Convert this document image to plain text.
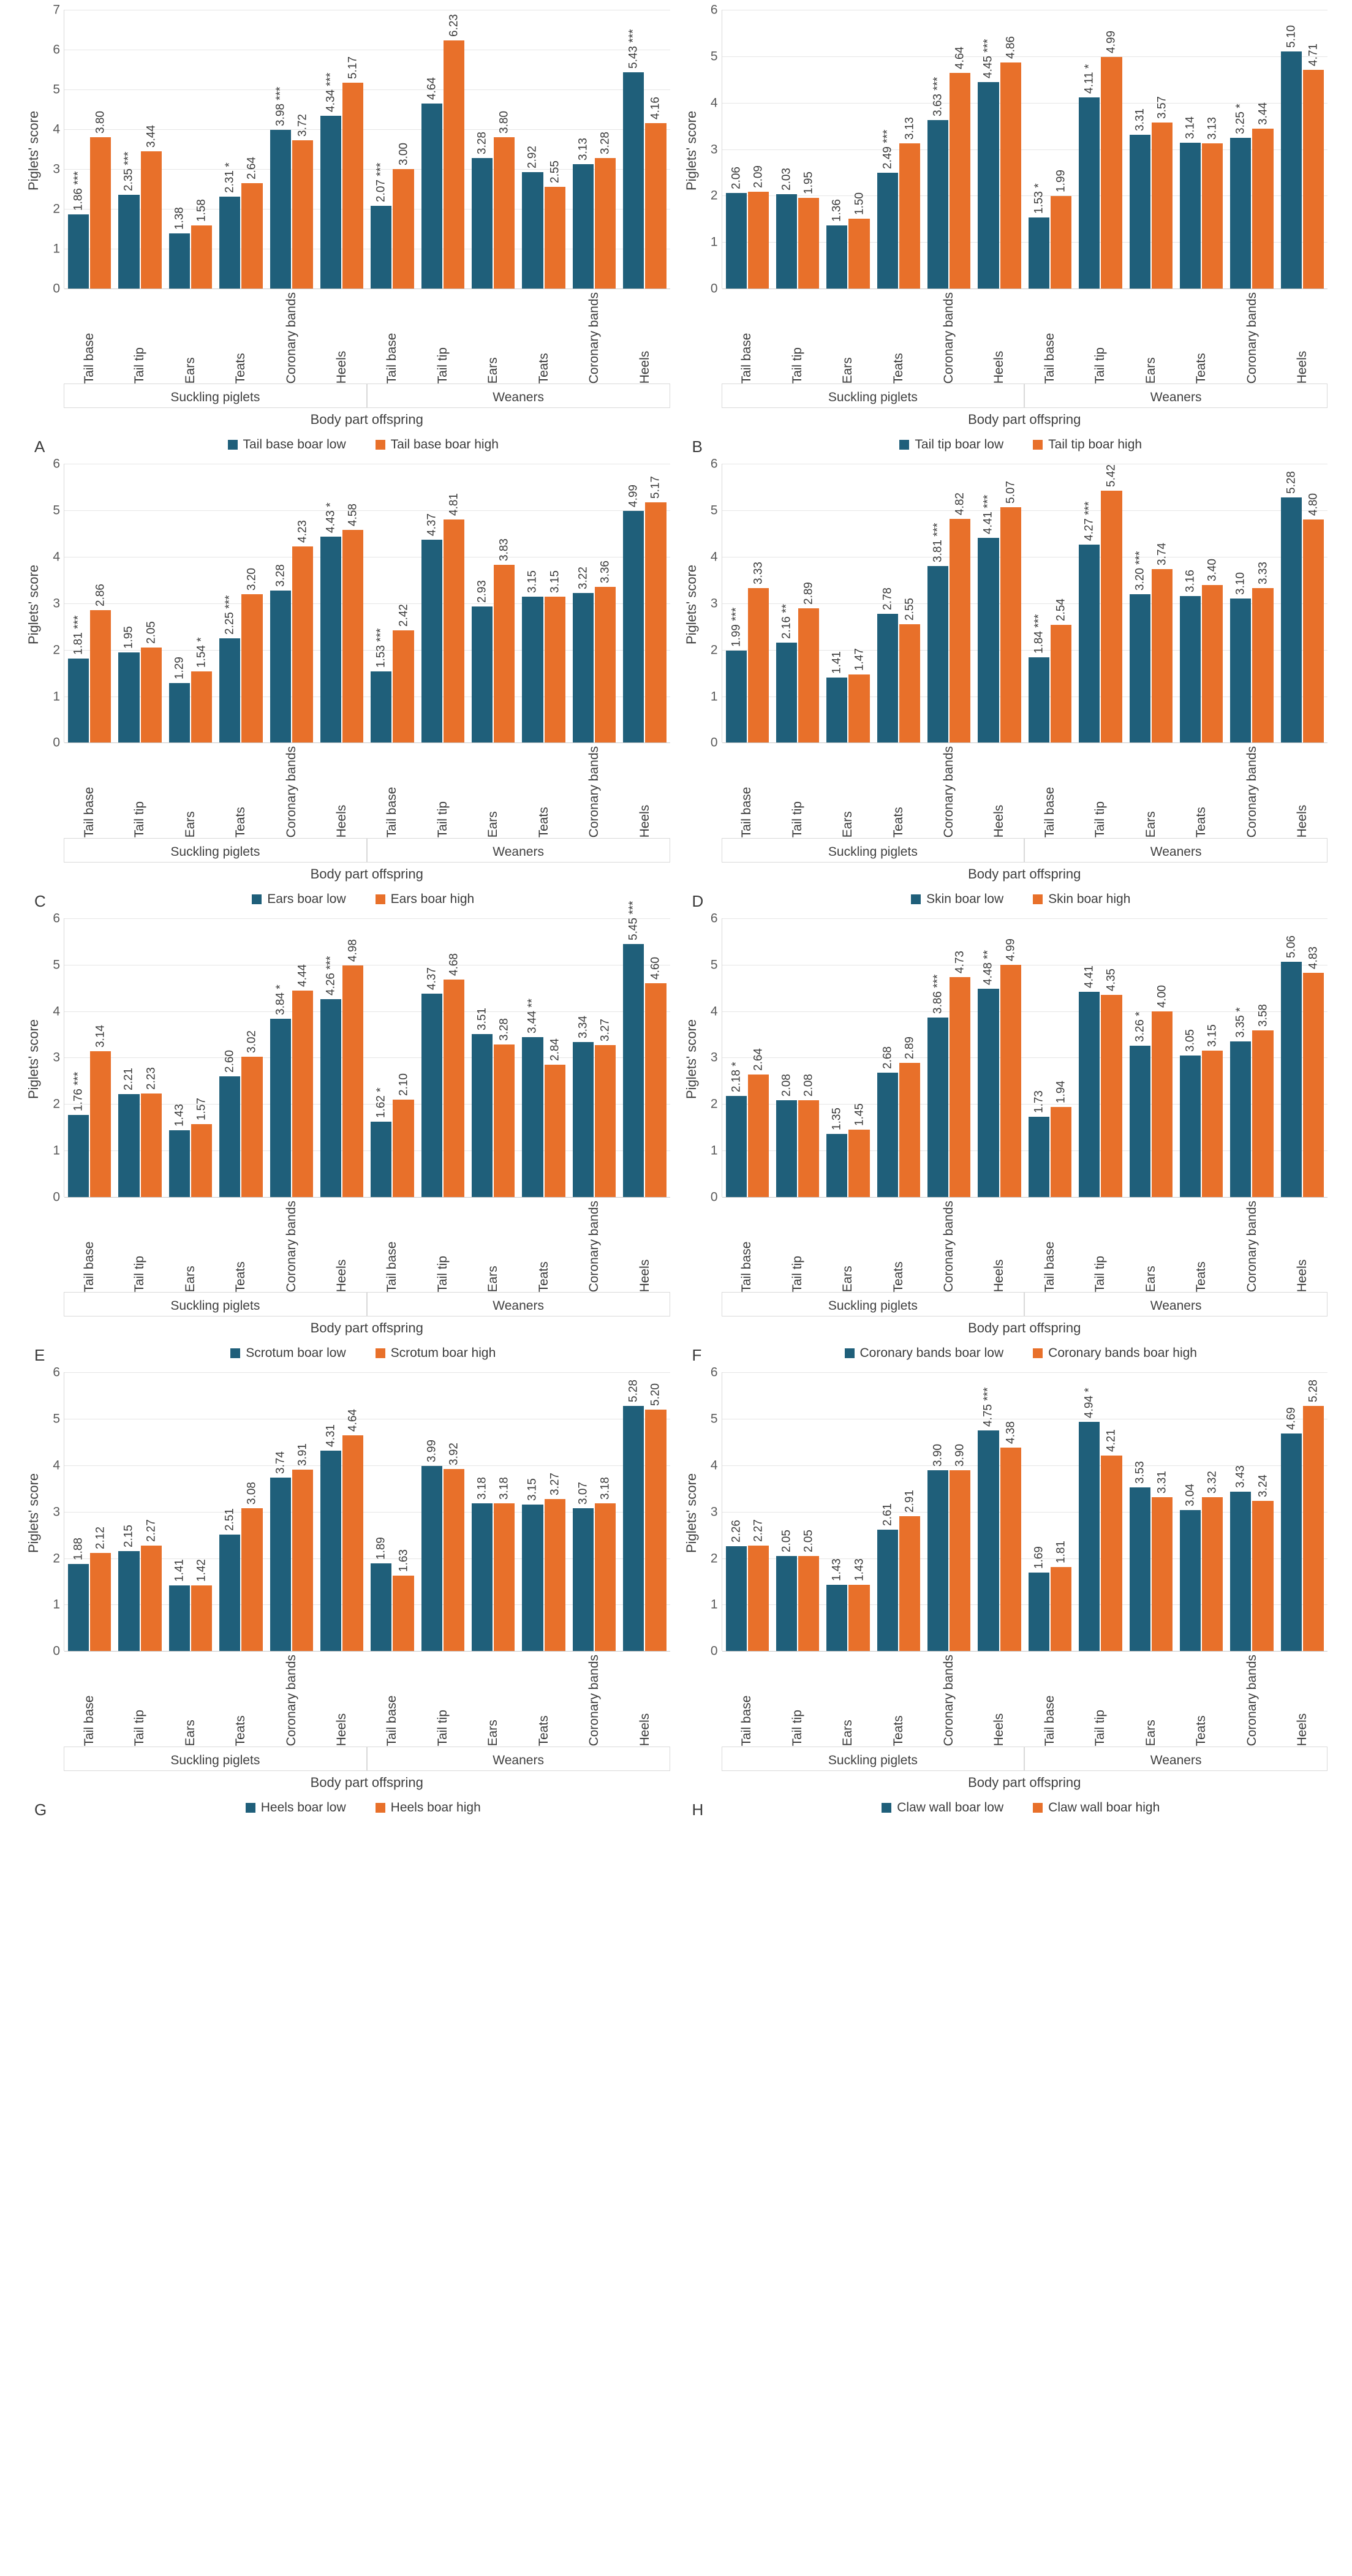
Piglets' score
0
1
2
3
4
5
6
7
1.86 ***
3.80
2.35 ***
3.44
1.38 1.58
2.31 * 2.64
3.98 *** 3.72
4.34 ***
5.17
2.07 ***
3.00
4.64
6.23
3.28
3.80
2.92
2.55
3.13 3.28
5.43 ***
4.16
Tail base	Tail tip	Ears	Teats	Coronary bands	Heels	Tail base	Tail tip	Ears	Teats	Coronary bands	Heels
Suckling piglets	Weaners
Body part offspring
A	Tail base boar low	Tail base boar high
Piglets' score
0
1
2
3
4
5
6
2.06 2.09 2.03 1.95
1.36 1.50
2.49 ***
3.13
3.63 ***
4.64 4.45 *** 4.86
1.53 *
1.99
4.11 *
4.99
3.31
3.57
3.14 3.13 3.25 * 3.44
5.10
4.71
Tail base	Tail tip	Ears	Teats	Coronary bands	Heels	Tail base	Tail tip	Ears	Teats	Coronary bands	Heels
Suckling piglets	Weaners
Body part offspring
B	Tail tip boar low	Tail tip boar high
Piglets' score
0
1
2
3
4
5
6
1.81 ***
2.86
1.95 2.05
1.29
1.54 *
2.25 ***
3.20 3.28
4.23 4.43 * 4.58
1.53 ***
2.42
4.37
4.81
2.93
3.83
3.15 3.15 3.22 3.36
4.99 5.17
Tail base	Tail tip	Ears	Teats	Coronary bands	Heels	Tail base	Tail tip	Ears	Teats	Coronary bands	Heels
Suckling piglets	Weaners
Body part offspring
C	Ears boar low	Ears boar high
Piglets' score
0
1
2
3
4
5
6
1.99 ***
3.33
2.16 **
2.89
1.41 1.47
2.78 2.55
3.81 ***
4.82 4.41 ***
5.07
1.84 ***
2.54
4.27 ***
5.42
3.20 *** 3.74
3.16 3.40
3.10 3.33
5.28
4.80
Tail base	Tail tip	Ears	Teats	Coronary bands	Heels	Tail base	Tail tip	Ears	Teats	Coronary bands	Heels
Suckling piglets	Weaners
Body part offspring
D	Skin boar low	Skin boar high
Piglets' score
0
1
2
3
4
5
6
1.76 ***
3.14
2.21 2.23
1.43 1.57
2.60
3.02
3.84 *
4.44 4.26 ***
4.98
1.62 *
2.10
4.37
4.68
3.51 3.28 3.44 **
2.84
3.34 3.27
5.45 ***
4.60
Tail base	Tail tip	Ears	Teats	Coronary bands	Heels	Tail base	Tail tip	Ears	Teats	Coronary bands	Heels
Suckling piglets	Weaners
Body part offspring
E	Scrotum boar low	Scrotum boar high
Piglets' score
0
1
2
3
4
5
6
2.18 *
2.64
2.08 2.08
1.35 1.45
2.68 2.89
3.86 ***
4.73 4.48 **
4.99
1.73 1.94
4.41 4.35
3.26 *
4.00
3.05 3.15 3.35 * 3.58
5.06 4.83
Tail base	Tail tip	Ears	Teats	Coronary bands	Heels	Tail base	Tail tip	Ears	Teats	Coronary bands	Heels
Suckling piglets	Weaners
Body part offspring
F	Coronary bands boar low	Coronary bands boar high
Piglets' score
0
1
2
3
4
5
6
1.88 2.12 2.15 2.27
1.41 1.42
2.51
3.08
3.74 3.91
4.31
4.64
1.89
1.63
3.99 3.92
3.18 3.18 3.15 3.27 3.07 3.18
5.28 5.20
Tail base	Tail tip	Ears	Teats	Coronary bands	Heels	Tail base	Tail tip	Ears	Teats	Coronary bands	Heels
Suckling piglets	Weaners
Body part offspring
G	Heels boar low	Heels boar high
Piglets' score
0
1
2
3
4
5
6
2.26 2.27 2.05 2.05
1.43 1.43
2.61
2.91
3.90 3.90
4.75 ***
4.38
1.69 1.81
4.94 *
4.21
3.53 3.31
3.04
3.32 3.43 3.24
4.69
5.28
Tail base	Tail tip	Ears	Teats	Coronary bands	Heels	Tail base	Tail tip	Ears	Teats	Coronary bands	Heels
Suckling piglets	Weaners
Body part offspring
H	Claw wall boar low	Claw wall boar high
